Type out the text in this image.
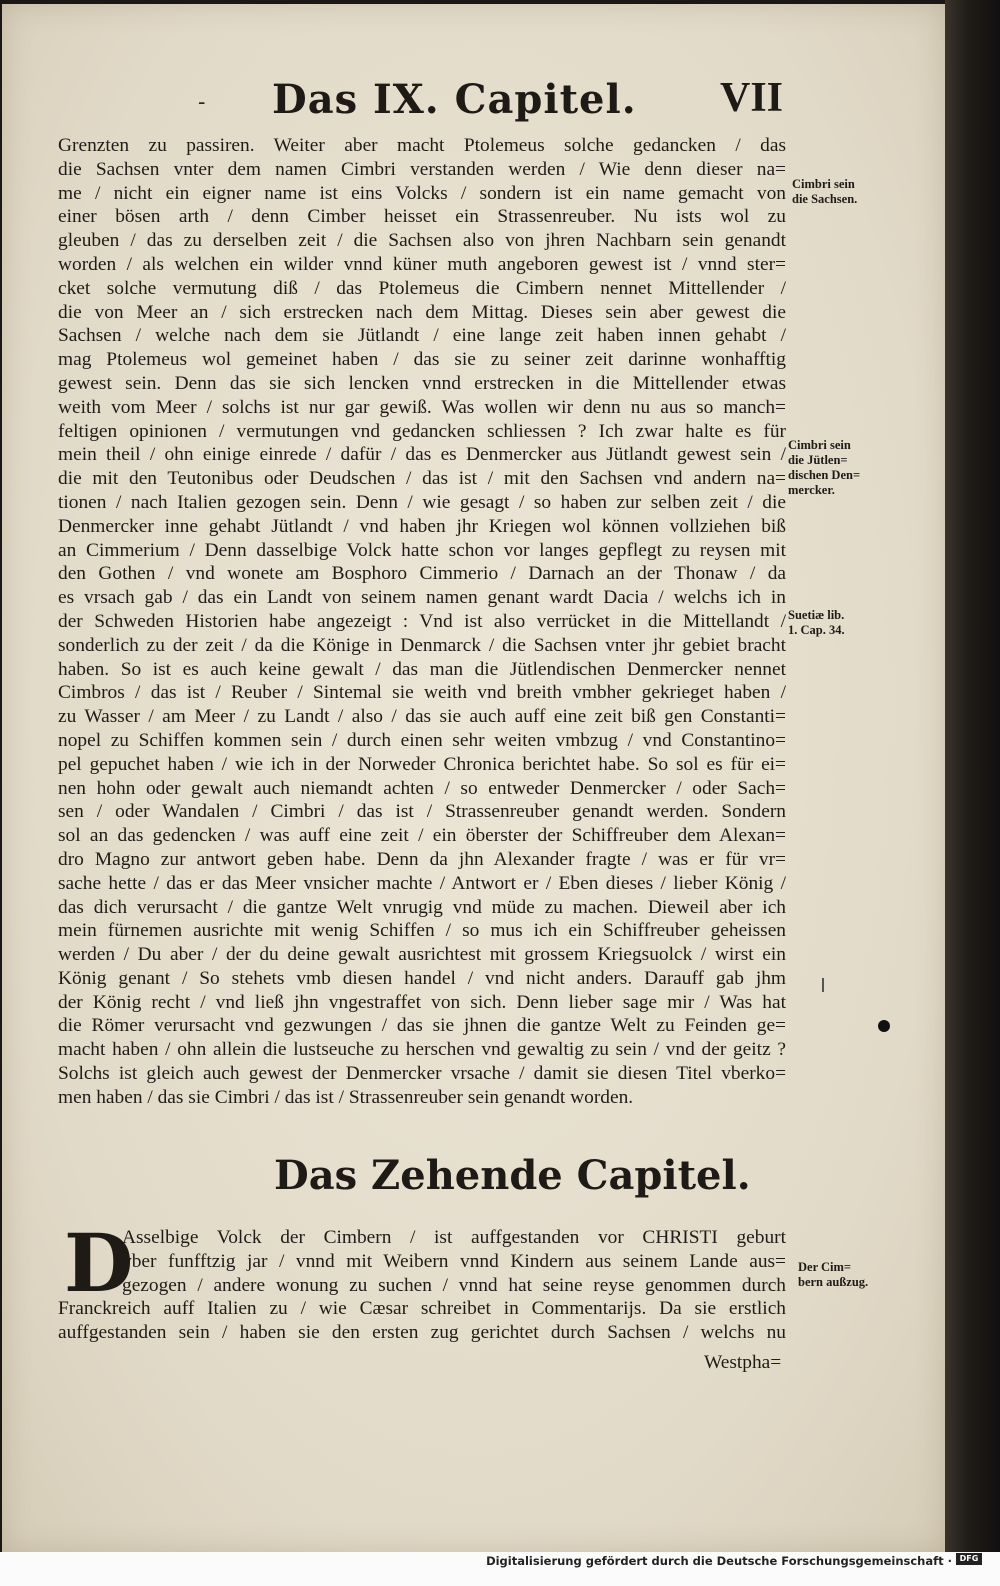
- Das IX. Capitel. VII
Grenzten zu passiren. Weiter aber macht Ptolemeus solche gedancken / das
die Sachsen vnter dem namen Cimbri verstanden werden / Wie denn dieser na=
me / nicht ein eigner name ist eins Volcks / sondern ist ein name gemacht von
einer bösen arth / denn Cimber heisset ein Strassenreuber. Nu ists wol zu
gleuben / das zu derselben zeit / die Sachsen also von jhren Nachbarn sein genandt
worden / als welchen ein wilder vnnd küner muth angeboren gewest ist / vnnd ster=
cket solche vermutung diß / das Ptolemeus die Cimbern nennet Mittellender /
die von Meer an / sich erstrecken nach dem Mittag. Dieses sein aber gewest die
Sachsen / welche nach dem sie Jütlandt / eine lange zeit haben innen gehabt /
mag Ptolemeus wol gemeinet haben / das sie zu seiner zeit darinne wonhafftig
gewest sein. Denn das sie sich lencken vnnd erstrecken in die Mittellender etwas
weith vom Meer / solchs ist nur gar gewiß. Was wollen wir denn nu aus so manch=
feltigen opinionen / vermutungen vnd gedancken schliessen ? Ich zwar halte es für
mein theil / ohn einige einrede / dafür / das es Denmercker aus Jütlandt gewest sein /
die mit den Teutonibus oder Deudschen / das ist / mit den Sachsen vnd andern na=
tionen / nach Italien gezogen sein. Denn / wie gesagt / so haben zur selben zeit / die
Denmercker inne gehabt Jütlandt / vnd haben jhr Kriegen wol können vollziehen biß
an Cimmerium / Denn dasselbige Volck hatte schon vor langes gepflegt zu reysen mit
den Gothen / vnd wonete am Bosphoro Cimmerio / Darnach an der Thonaw / da
es vrsach gab / das ein Landt von seinem namen genant wardt Dacia / welchs ich in
der Schweden Historien habe angezeigt : Vnd ist also verrücket in die Mittellandt /
sonderlich zu der zeit / da die Könige in Denmarck / die Sachsen vnter jhr gebiet bracht
haben. So ist es auch keine gewalt / das man die Jütlendischen Denmercker nennet
Cimbros / das ist / Reuber / Sintemal sie weith vnd breith vmbher gekrieget haben /
zu Wasser / am Meer / zu Landt / also / das sie auch auff eine zeit biß gen Constanti=
nopel zu Schiffen kommen sein / durch einen sehr weiten vmbzug / vnd Constantino=
pel gepuchet haben / wie ich in der Norweder Chronica berichtet habe. So sol es für ei=
nen hohn oder gewalt auch niemandt achten / so entweder Denmercker / oder Sach=
sen / oder Wandalen / Cimbri / das ist / Strassenreuber genandt werden. Sondern
sol an das gedencken / was auff eine zeit / ein öberster der Schiffreuber dem Alexan=
dro Magno zur antwort geben habe. Denn da jhn Alexander fragte / was er für vr=
sache hette / das er das Meer vnsicher machte / Antwort er / Eben dieses / lieber König /
das dich verursacht / die gantze Welt vnrugig vnd müde zu machen. Dieweil aber ich
mein fürnemen ausrichte mit wenig Schiffen / so mus ich ein Schiffreuber geheissen
werden / Du aber / der du deine gewalt ausrichtest mit grossem Kriegsuolck / wirst ein
König genant / So stehets vmb diesen handel / vnd nicht anders. Darauff gab jhm
der König recht / vnd ließ jhn vngestraffet von sich. Denn lieber sage mir / Was hat
die Römer verursacht vnd gezwungen / das sie jhnen die gantze Welt zu Feinden ge=
macht haben / ohn allein die lustseuche zu herschen vnd gewaltig zu sein / vnd der geitz ?
Solchs ist gleich auch gewest der Denmercker vrsache / damit sie diesen Titel vberko=
men haben / das sie Cimbri / das ist / Strassenreuber sein genandt worden.
Cimbri sein
die Sachsen.
Cimbri sein
die Jütlen=
dischen Den=
mercker.
Suetiæ lib.
1. Cap. 34.
Der Cim=
bern außzug.
Das Zehende Capitel.
D
Asselbige Volck der Cimbern / ist auffgestanden vor CHRISTI geburt
vber funfftzig jar / vnnd mit Weibern vnnd Kindern aus seinem Lande aus=
gezogen / andere wonung zu suchen / vnnd hat seine reyse genommen durch
Franckreich auff Italien zu / wie Cæsar schreibet in Commentarijs. Da sie erstlich
auffgestanden sein / haben sie den ersten zug gerichtet durch Sachsen / welchs nu
Westpha=
Digitalisierung gefördert durch die Deutsche Forschungsgemeinschaft · DFG
